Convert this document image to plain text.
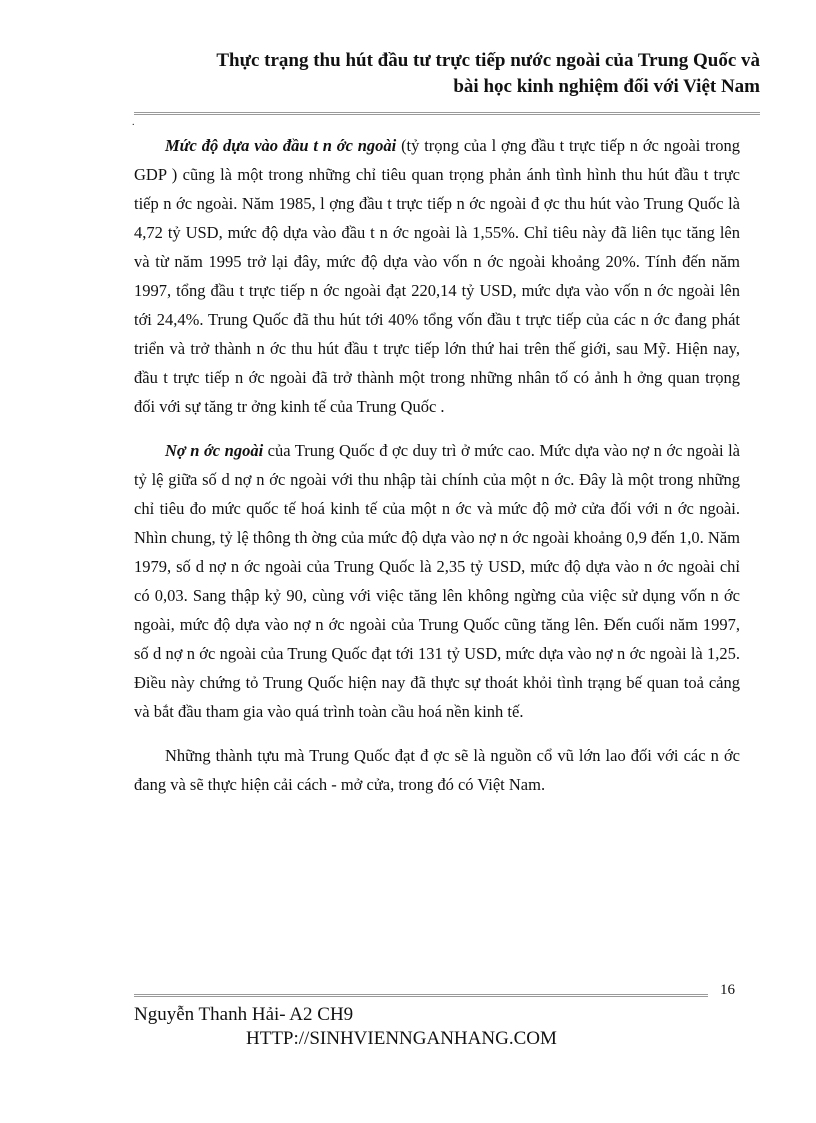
Thực trạng thu hút đầu tư trực tiếp nước ngoài của Trung Quốc và
bài học kinh nghiệm đối với Việt Nam
.

Mức độ dựa vào đầu t n ớc ngoài (tỷ trọng của l ợng đầu t trực tiếp n ớc ngoài trong GDP ) cũng là một trong những chỉ tiêu quan trọng phản ánh tình hình thu hút đầu t trực tiếp n ớc ngoài. Năm 1985, l ợng đầu t trực tiếp n ớc ngoài đ ợc thu hút vào Trung Quốc là 4,72 tỷ USD, mức độ dựa vào đầu t n ớc ngoài là 1,55%. Chỉ tiêu này đã liên tục tăng lên và từ năm 1995 trở lại đây, mức độ dựa vào vốn n ớc ngoài khoảng 20%. Tính đến năm 1997, tổng đầu t trực tiếp n ớc ngoài đạt 220,14 tỷ USD, mức dựa vào vốn n ớc ngoài lên tới 24,4%. Trung Quốc đã thu hút tới 40% tổng vốn đầu t trực tiếp của các n ớc đang phát triển và trở thành n ớc thu hút đầu t trực tiếp lớn thứ hai trên thế giới, sau Mỹ. Hiện nay, đầu t trực tiếp n ớc ngoài đã trở thành một trong những nhân tố có ảnh h ởng quan trọng đối với sự tăng tr ởng kinh tế của Trung Quốc .

Nợ n ớc ngoài của Trung Quốc đ ợc duy trì ở mức cao. Mức dựa vào nợ n ớc ngoài là tỷ lệ giữa số d nợ n ớc ngoài với thu nhập tài chính của một n ớc. Đây là một trong những chỉ tiêu đo mức quốc tế hoá kinh tế của một n ớc và mức độ mở cửa đối với n ớc ngoài. Nhìn chung, tỷ lệ thông th ờng của mức độ dựa vào nợ n ớc ngoài khoảng 0,9 đến 1,0. Năm 1979, số d nợ n ớc ngoài của Trung Quốc là 2,35 tỷ USD, mức độ dựa vào n ớc ngoài chỉ có 0,03. Sang thập kỷ 90, cùng với việc tăng lên không ngừng của việc sử dụng vốn n ớc ngoài, mức độ dựa vào nợ n ớc ngoài của Trung Quốc cũng tăng lên. Đến cuối năm 1997, số d nợ n ớc ngoài của Trung Quốc đạt tới 131 tỷ USD, mức dựa vào nợ n ớc ngoài là 1,25. Điều này chứng tỏ Trung Quốc hiện nay đã thực sự thoát khỏi tình trạng bế quan toả cảng và bắt đầu tham gia vào quá trình toàn cầu hoá nền kinh tế.

Những thành tựu mà Trung Quốc đạt đ ợc sẽ là nguồn cổ vũ lớn lao đối với các n ớc đang và sẽ thực hiện cải cách - mở cửa, trong đó có Việt Nam.

16
Nguyễn Thanh Hải- A2 CH9
HTTP://SINHVIENNGANHANG.COM
